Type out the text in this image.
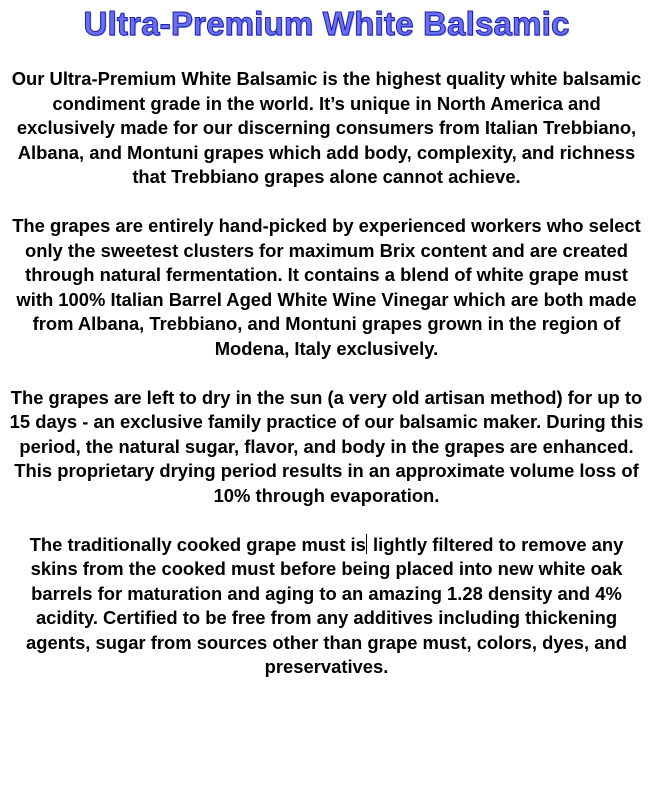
Ultra-Premium White Balsamic

Our Ultra-Premium White Balsamic is the highest quality white balsamic condiment grade in the world. It’s unique in North America and exclusively made for our discerning consumers from Italian Trebbiano, Albana, and Montuni grapes which add body, complexity, and richness that Trebbiano grapes alone cannot achieve.

The grapes are entirely hand-picked by experienced workers who select only the sweetest clusters for maximum Brix content and are created through natural fermentation. It contains a blend of white grape must with 100% Italian Barrel Aged White Wine Vinegar which are both made from Albana, Trebbiano, and Montuni grapes grown in the region of Modena, Italy exclusively.

The grapes are left to dry in the sun (a very old artisan method) for up to 15 days - an exclusive family practice of our balsamic maker. During this period, the natural sugar, flavor, and body in the grapes are enhanced. This proprietary drying period results in an approximate volume loss of 10% through evaporation.

The traditionally cooked grape must is lightly filtered to remove any skins from the cooked must before being placed into new white oak barrels for maturation and aging to an amazing 1.28 density and 4% acidity. Certified to be free from any additives including thickening agents, sugar from sources other than grape must, colors, dyes, and preservatives.
